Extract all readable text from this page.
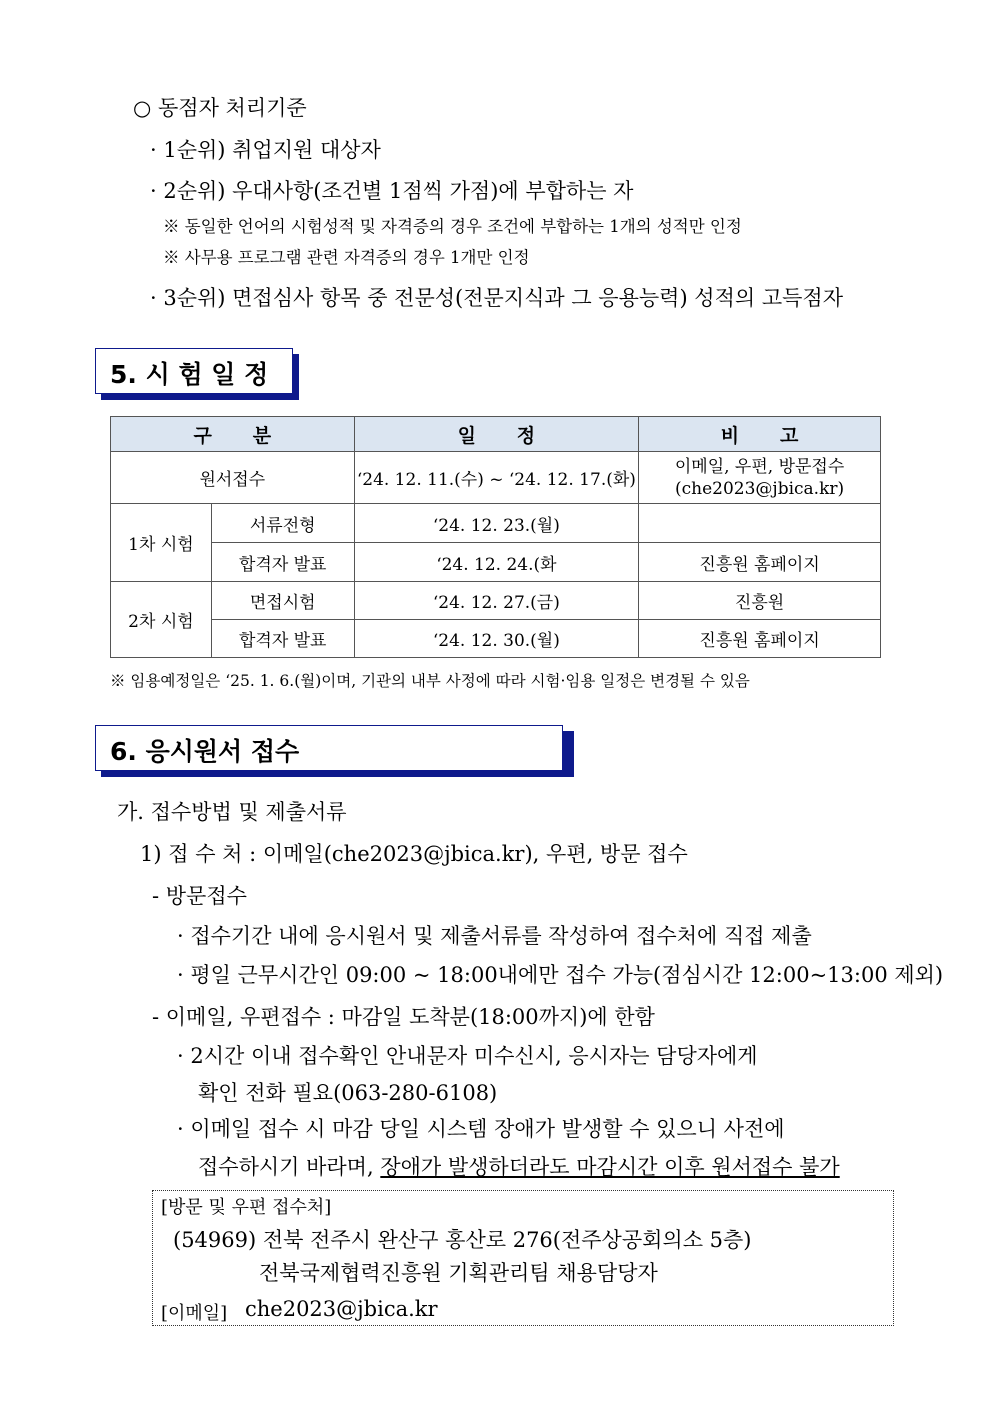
○ 동점자 처리기준
· 1순위) 취업지원 대상자
· 2순위) 우대사항(조건별 1점씩 가점)에 부합하는 자
※ 동일한 언어의 시험성적 및 자격증의 경우 조건에 부합하는 1개의 성적만 인정
※ 사무용 프로그램 관련 자격증의 경우 1개만 인정
· 3순위) 면접심사 항목 중 전문성(전문지식과 그 응용능력) 성적의 고득점자
5. 시 험 일 정
구 분		일 정	비 고
원서접수		‘24. 12. 11.(수) ~ ‘24. 12. 17.(화)	이메일, 우편, 방문접수
(che2023@jbica.kr)

1차 시험	서류전형	‘24. 12. 23.(월)	
	합격자 발표	‘24. 12. 24.(화	진흥원 홈페이지
2차 시험	면접시험	‘24. 12. 27.(금)	진흥원
	합격자 발표	‘24. 12. 30.(월)	진흥원 홈페이지
※ 임용예정일은 ‘25. 1. 6.(월)이며, 기관의 내부 사정에 따라 시험·임용 일정은 변경될 수 있음
6. 응시원서 접수
가. 접수방법 및 제출서류
1) 접 수 처 : 이메일(che2023@jbica.kr), 우편, 방문 접수
- 방문접수
· 접수기간 내에 응시원서 및 제출서류를 작성하여 접수처에 직접 제출
· 평일 근무시간인 09:00 ~ 18:00내에만 접수 가능(점심시간 12:00~13:00 제외)
- 이메일, 우편접수 : 마감일 도착분(18:00까지)에 한함
· 2시간 이내 접수확인 안내문자 미수신시, 응시자는 담당자에게
확인 전화 필요(063-280-6108)
· 이메일 접수 시 마감 당일 시스템 장애가 발생할 수 있으니 사전에
접수하시기 바라며, 장애가 발생하더라도 마감시간 이후 원서접수 불가
[방문 및 우편 접수처]
(54969) 전북 전주시 완산구 홍산로 276(전주상공회의소 5층)
전북국제협력진흥원 기획관리팀 채용담당자
[이메일] che2023@jbica.kr
